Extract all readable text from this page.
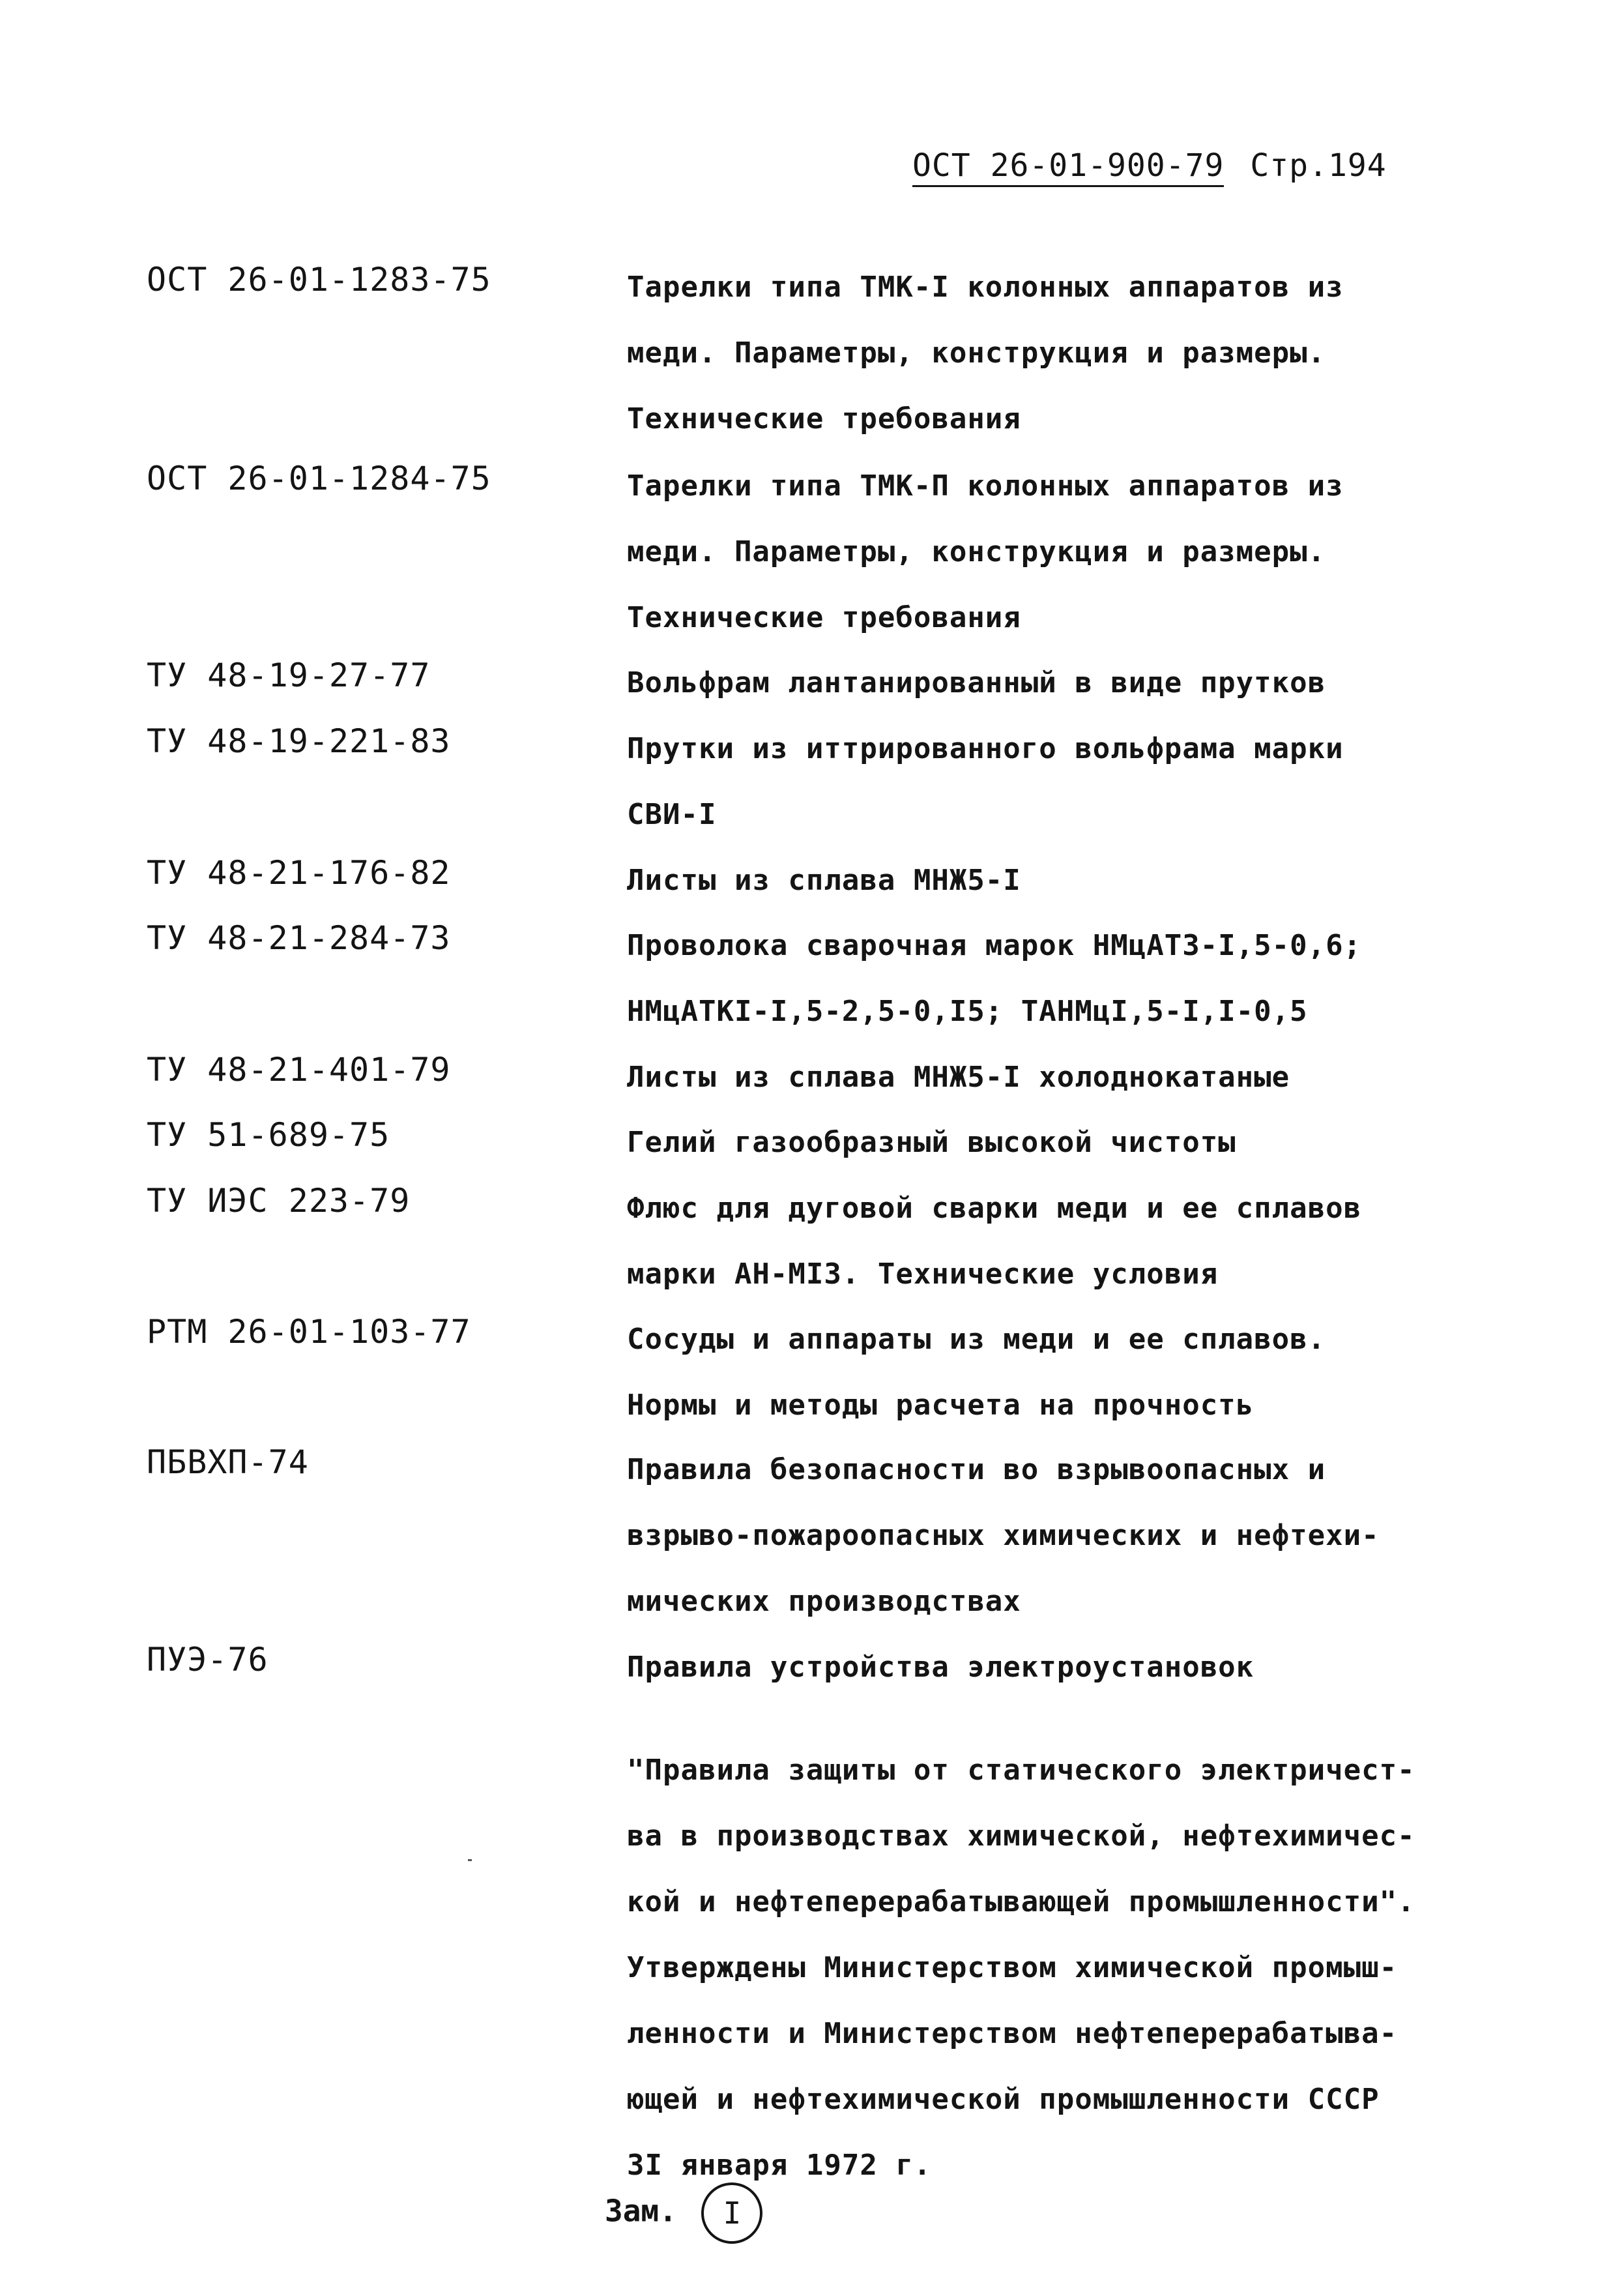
ОСТ 26-01-900-79 Стр.194
ОСТ 26-01-1283-75	Тарелки типа ТМК-I колонных аппаратов из
меди. Параметры, конструкция и размеры.
Технические требования
ОСТ 26-01-1284-75	Тарелки типа ТМК-П колонных аппаратов из
меди. Параметры, конструкция и размеры.
Технические требования
ТУ 48-19-27-77	Вольфрам лантанированный в виде прутков
ТУ 48-19-221-83	Прутки из иттрированного вольфрама марки
СВИ-I
ТУ 48-21-176-82	Листы из сплава МНЖ5-I
ТУ 48-21-284-73	Проволока сварочная марок НМцАТ3-I,5-0,6;
НМцАТКI-I,5-2,5-0,I5; ТАНМцI,5-I,I-0,5
ТУ 48-21-401-79	Листы из сплава МНЖ5-I холоднокатаные
ТУ 51-689-75	Гелий газообразный высокой чистоты
ТУ ИЭС 223-79	Флюс для дуговой сварки меди и ее сплавов
марки АН-МI3. Технические условия
РТМ 26-01-103-77	Сосуды и аппараты из меди и ее сплавов.
Нормы и методы расчета на прочность
ПБВХП-74	Правила безопасности во взрывоопасных и
взрыво-пожароопасных химических и нефтехи-
мических производствах
ПУЭ-76	Правила устройства электроустановок
"Правила защиты от статического электричест-
ва в производствах химической, нефтехимичес-
кой и нефтеперерабатывающей промышленности".
Утверждены Министерством химической промыш-
ленности и Министерством нефтеперерабатыва-
ющей и нефтехимической промышленности СССР
3I января 1972 г.
Зам. I
